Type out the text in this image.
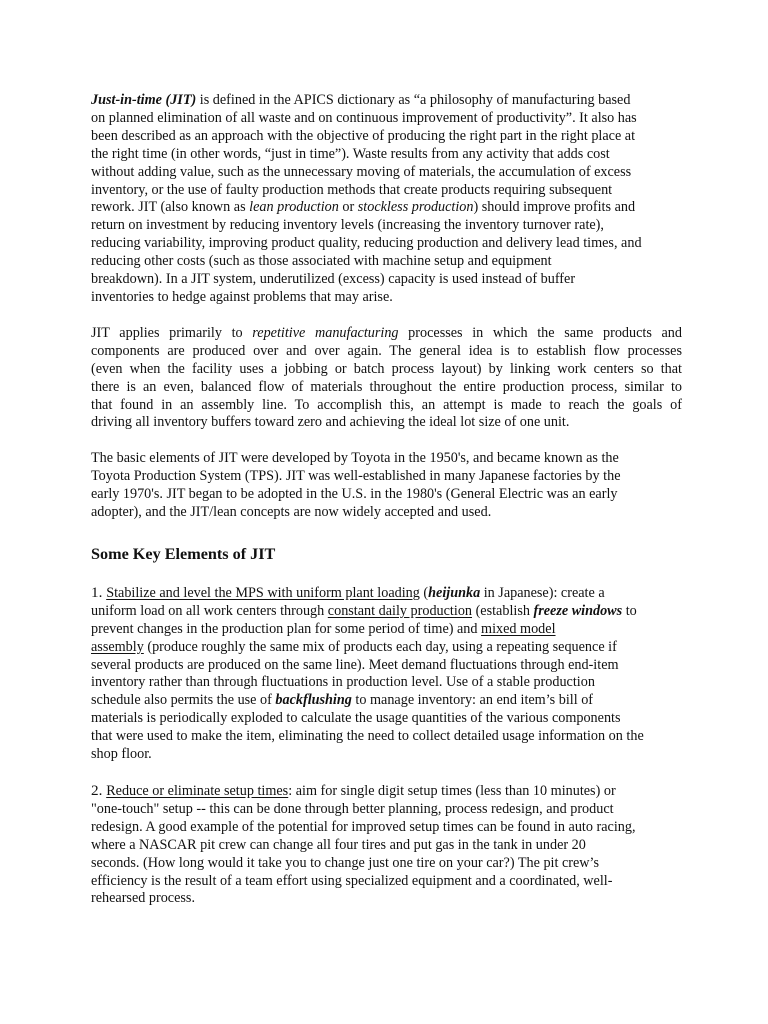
Just-in-time (JIT) is defined in the APICS dictionary as “a philosophy of manufacturing based
on planned elimination of all waste and on continuous improvement of productivity”. It also has
been described as an approach with the objective of producing the right part in the right place at
the right time (in other words, “just in time”). Waste results from any activity that adds cost
without adding value, such as the unnecessary moving of materials, the accumulation of excess
inventory, or the use of faulty production methods that create products requiring subsequent
rework. JIT (also known as lean production or stockless production) should improve profits and
return on investment by reducing inventory levels (increasing the inventory turnover rate),
reducing variability, improving product quality, reducing production and delivery lead times, and
reducing other costs (such as those associated with machine setup and equipment
breakdown). In a JIT system, underutilized (excess) capacity is used instead of buffer
inventories to hedge against problems that may arise.
JIT applies primarily to repetitive manufacturing processes in which the same products and
components are produced over and over again. The general idea is to establish flow processes
(even when the facility uses a jobbing or batch process layout) by linking work centers so that
there is an even, balanced flow of materials throughout the entire production process, similar to
that found in an assembly line. To accomplish this, an attempt is made to reach the goals of
driving all inventory buffers toward zero and achieving the ideal lot size of one unit.
The basic elements of JIT were developed by Toyota in the 1950's, and became known as the
Toyota Production System (TPS). JIT was well-established in many Japanese factories by the
early 1970's. JIT began to be adopted in the U.S. in the 1980's (General Electric was an early
adopter), and the JIT/lean concepts are now widely accepted and used.
Some Key Elements of JIT
1. Stabilize and level the MPS with uniform plant loading (heijunka in Japanese): create a
uniform load on all work centers through constant daily production (establish freeze windows to
prevent changes in the production plan for some period of time) and mixed model
assembly (produce roughly the same mix of products each day, using a repeating sequence if
several products are produced on the same line). Meet demand fluctuations through end-item
inventory rather than through fluctuations in production level. Use of a stable production
schedule also permits the use of backflushing to manage inventory: an end item’s bill of
materials is periodically exploded to calculate the usage quantities of the various components
that were used to make the item, eliminating the need to collect detailed usage information on the
shop floor.
2. Reduce or eliminate setup times: aim for single digit setup times (less than 10 minutes) or
"one-touch" setup -- this can be done through better planning, process redesign, and product
redesign. A good example of the potential for improved setup times can be found in auto racing,
where a NASCAR pit crew can change all four tires and put gas in the tank in under 20
seconds. (How long would it take you to change just one tire on your car?) The pit crew’s
efficiency is the result of a team effort using specialized equipment and a coordinated, well-
rehearsed process.
